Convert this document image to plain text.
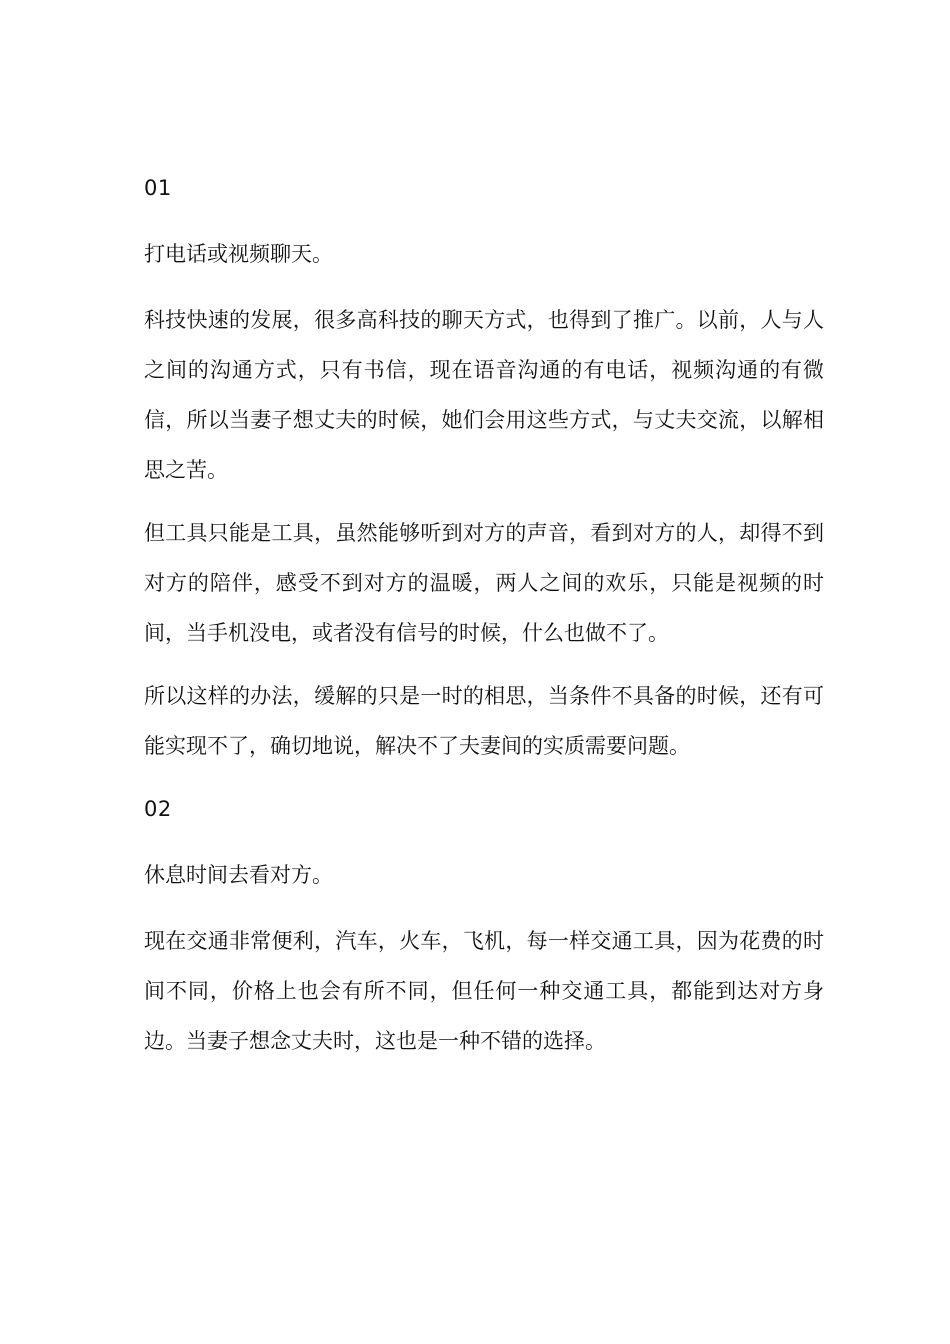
01
打电话或视频聊天。

科技快速的发展，很多高科技的聊天方式，也得到了推广。以前，人与人之间的沟通方式，只有书信，现在语音沟通的有电话，视频沟通的有微信，所以当妻子想丈夫的时候，她们会用这些方式，与丈夫交流，以解相思之苦。

但工具只能是工具，虽然能够听到对方的声音，看到对方的人，却得不到对方的陪伴，感受不到对方的温暖，两人之间的欢乐，只能是视频的时间，当手机没电，或者没有信号的时候，什么也做不了。

所以这样的办法，缓解的只是一时的相思，当条件不具备的时候，还有可能实现不了，确切地说，解决不了夫妻间的实质需要问题。

02
休息时间去看对方。

现在交通非常便利，汽车，火车，飞机，每一样交通工具，因为花费的时间不同，价格上也会有所不同，但任何一种交通工具，都能到达对方身边。当妻子想念丈夫时，这也是一种不错的选择。
